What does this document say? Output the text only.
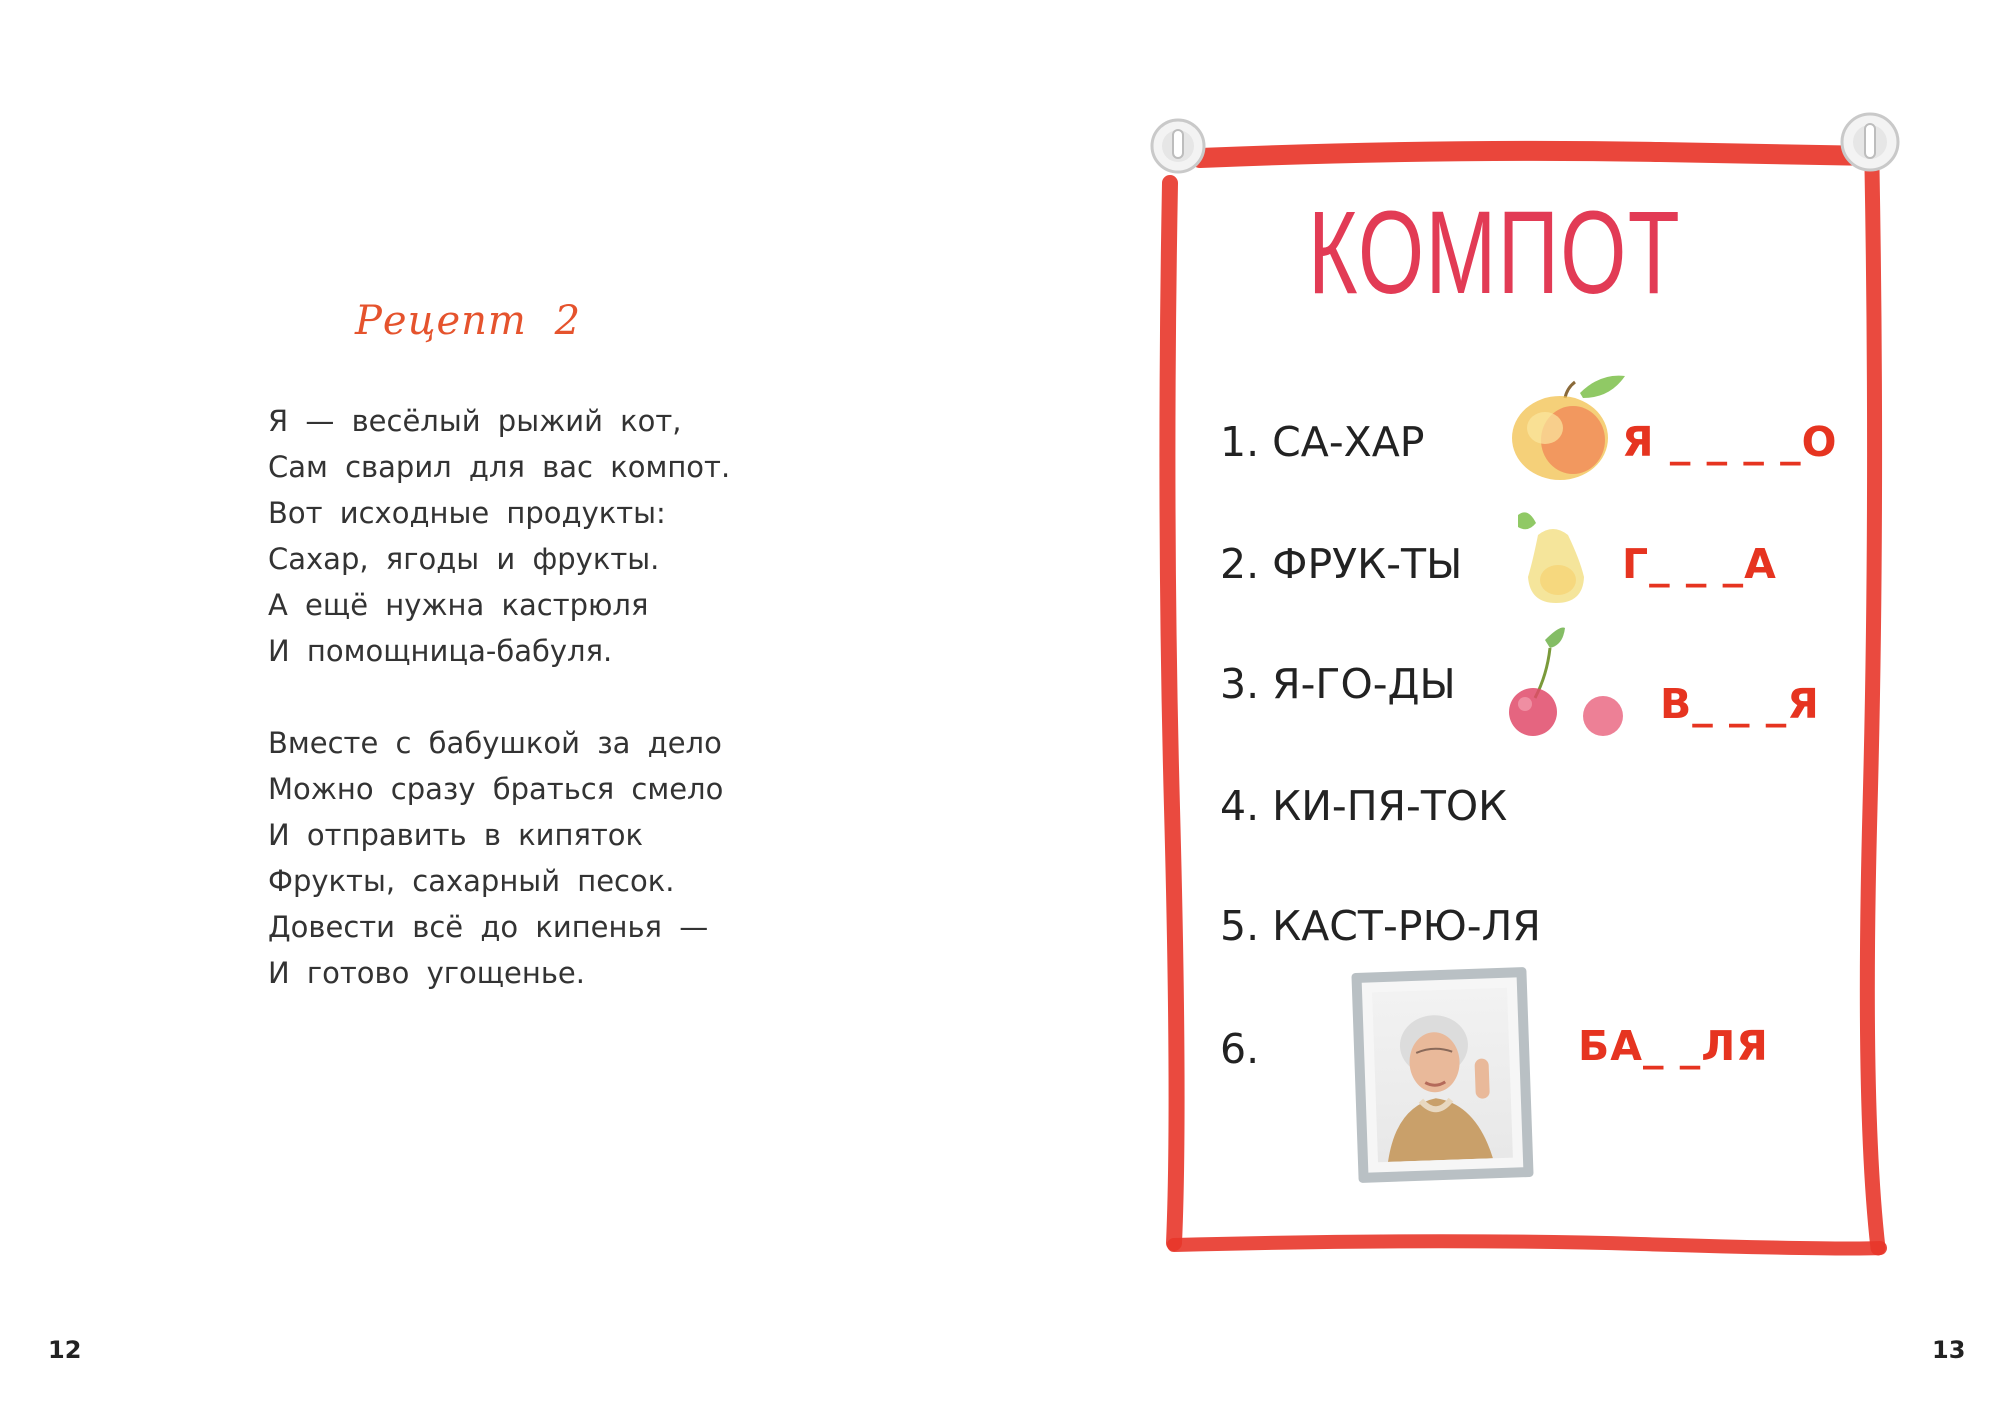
Рецепт 2
Я — весёлый рыжий кот,
Сам сварил для вас компот.
Вот исходные продукты:
Сахар, ягоды и фрукты.
А ещё нужна кастрюля
И помощница-бабуля.
Вместе с бабушкой за дело
Можно сразу браться смело
И отправить в кипяток
Фрукты, сахарный песок.
Довести всё до кипенья —
И готово угощенье.
12	13
КОМПОТ
1. СА-ХАР
2. ФРУК-ТЫ
3. Я-ГО-ДЫ
4. КИ-ПЯ-ТОК
5. КАСТ-РЮ-ЛЯ
6.
Я _ _ _ _О
Г_ _ _А
В_ _ _Я
БА_ _ЛЯ
